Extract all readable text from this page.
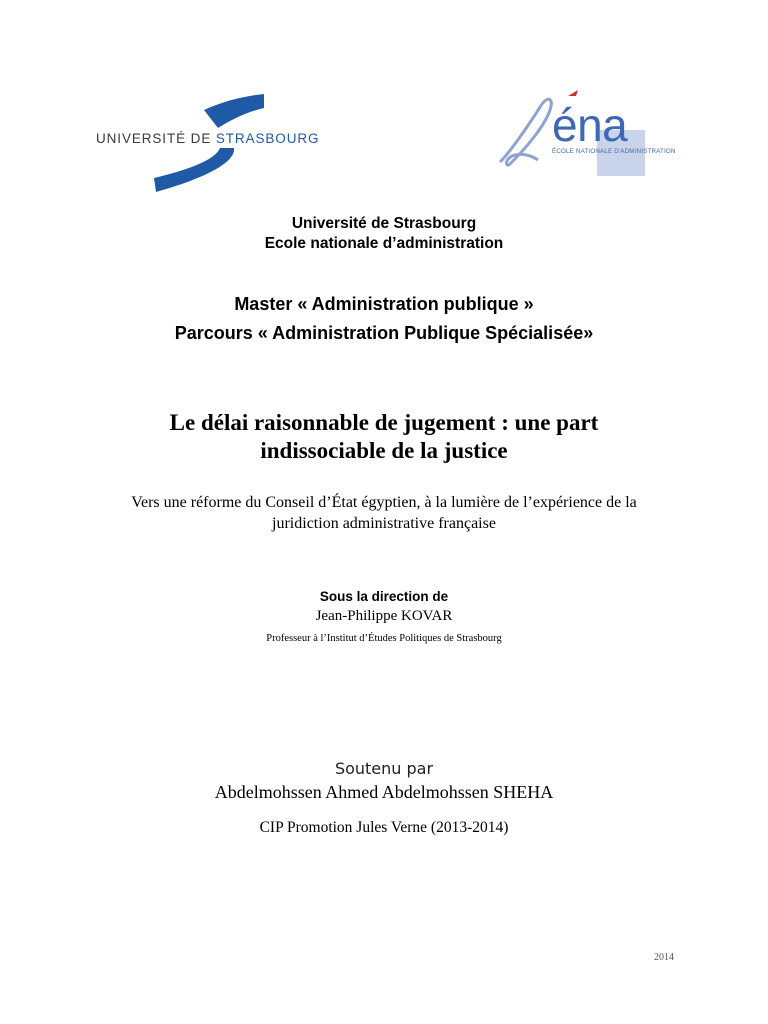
UNIVERSITÉ DE STRASBOURG	éna
ÉCOLE NATIONALE D'ADMINISTRATION
Université de Strasbourg
Ecole nationale d’administration
Master « Administration publique »
Parcours « Administration Publique Spécialisée»
Le délai raisonnable de jugement : une part
indissociable de la justice
Vers une réforme du Conseil d’État égyptien, à la lumière de l’expérience de la
juridiction administrative française
Sous la direction de
Jean-Philippe KOVAR
Professeur à l’Institut d’Études Politiques de Strasbourg
Soutenu par
Abdelmohssen Ahmed Abdelmohssen SHEHA
CIP Promotion Jules Verne (2013-2014)
2014
